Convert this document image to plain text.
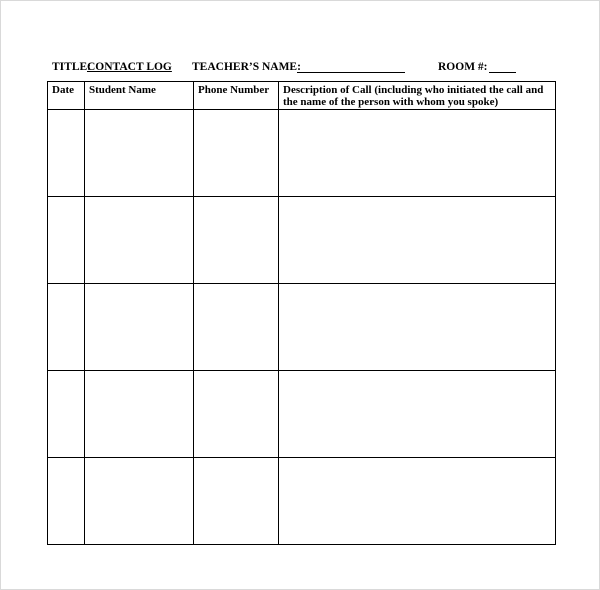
TITLE:
CONTACT LOG TEACHER’S NAME:	ROOM #:
Date	Student Name	Phone Number	Description of Call (including who initiated the call and the name of the person with whom you spoke)
